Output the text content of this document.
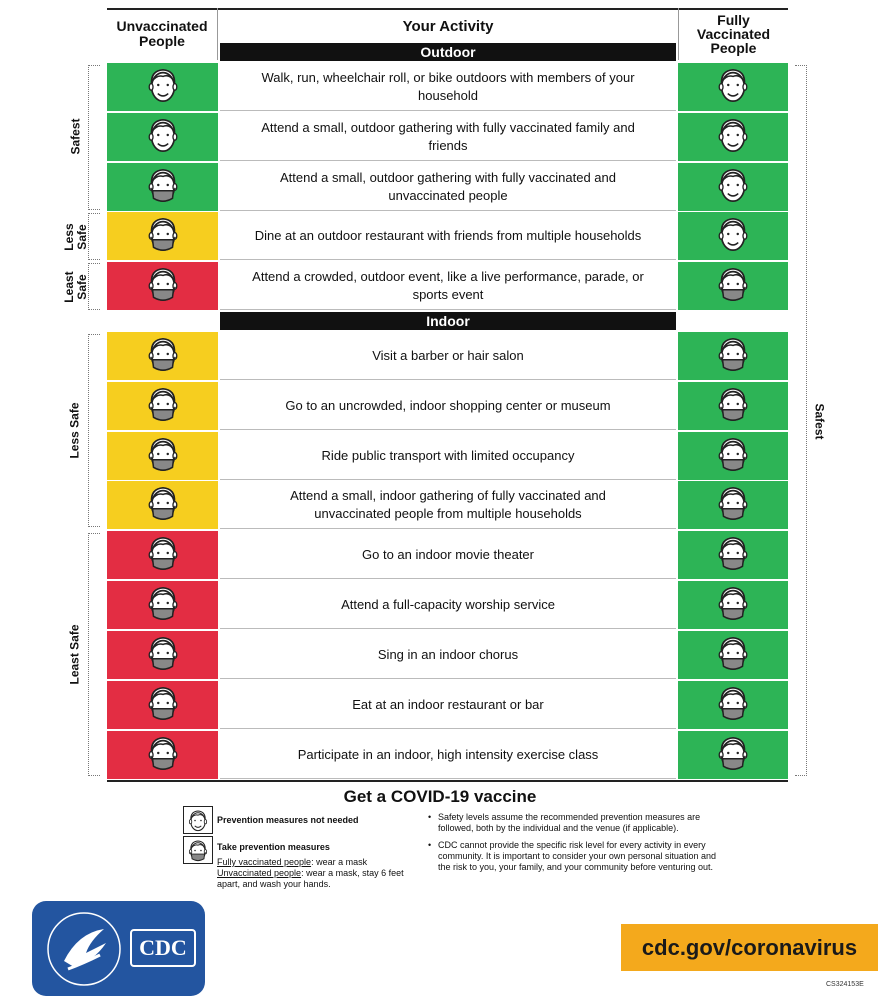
Unvaccinated People
Your Activity	Fully Vaccinated People
Outdoor
Indoor
Walk, run, wheelchair roll, or bike outdoors with members of your household
Attend a small, outdoor gathering with fully vaccinated family and friends
Attend a small, outdoor gathering with fully vaccinated and unvaccinated people
Dine at an outdoor restaurant with friends from multiple households
Attend a crowded, outdoor event, like a live performance, parade, or sports event
Visit a barber or hair salon
Go to an uncrowded, indoor shopping center or museum
Ride public transport with limited occupancy
Attend a small, indoor gathering of fully vaccinated and unvaccinated people from multiple households
Go to an indoor movie theater
Attend a full-capacity worship service
Sing in an indoor chorus
Eat at an indoor restaurant or bar
Participate in an indoor, high intensity exercise class
Safest
Less Safe
Least Safe
Less Safe
Least Safe
Safest
Get a COVID-19 vaccine
Prevention measures not needed
Take prevention measures
Fully vaccinated people: wear a mask
Unvaccinated people: wear a mask, stay 6 feet apart, and wash your hands.
• Safety levels assume the recommended prevention measures are followed, both by the individual and the venue (if applicable).
• CDC cannot provide the specific risk level for every activity in every community. It is important to consider your own personal situation and the risk to you, your family, and your community before venturing out.
CDC	cdc.gov/coronavirus
CS324153E
